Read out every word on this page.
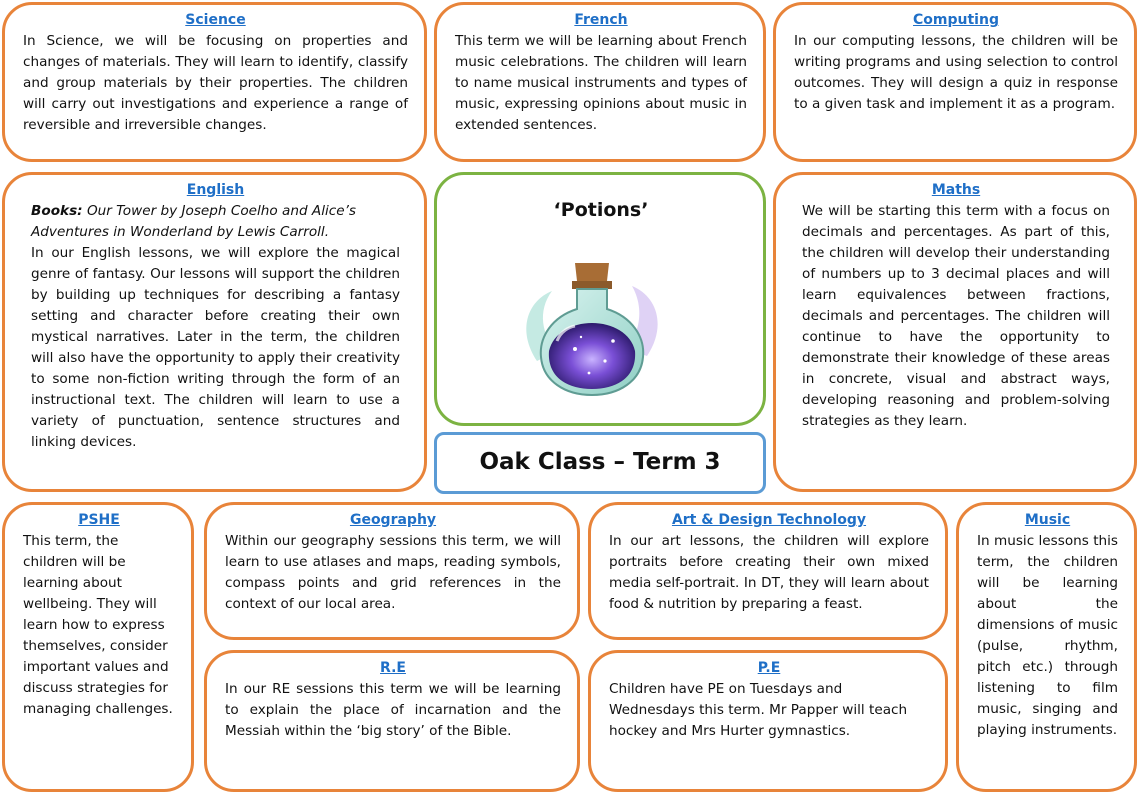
Science

In Science, we will be focusing on properties and changes of materials. They will learn to identify, classify and group materials by their properties. The children will carry out investigations and experience a range of reversible and irreversible changes.

French

This term we will be learning about French music celebrations. The children will learn to name musical instruments and types of music, expressing opinions about music in extended sentences.

Computing

In our computing lessons, the children will be writing programs and using selection to control outcomes. They will design a quiz in response to a given task and implement it as a program.

English

Books: Our Tower by Joseph Coelho and Alice’s Adventures in Wonderland by Lewis Carroll.

In our English lessons, we will explore the magical genre of fantasy. Our lessons will support the children by building up techniques for describing a fantasy setting and character before creating their own mystical narratives. Later in the term, the children will also have the opportunity to apply their creativity to some non-fiction writing through the form of an instructional text. The children will learn to use a variety of punctuation, sentence structures and linking devices.

‘Potions’
Oak Class – Term 3
Maths

We will be starting this term with a focus on decimals and percentages. As part of this, the children will develop their understanding of numbers up to 3 decimal places and will learn equivalences between fractions, decimals and percentages. The children will continue to have the opportunity to demonstrate their knowledge of these areas in concrete, visual and abstract ways, developing reasoning and problem-solving strategies as they learn.

PSHE

This term, the children will be learning about wellbeing. They will learn how to express themselves, consider important values and discuss strategies for managing challenges.

Geography

Within our geography sessions this term, we will learn to use atlases and maps, reading symbols, compass points and grid references in the context of our local area.

Art & Design Technology

In our art lessons, the children will explore portraits before creating their own mixed media self-portrait. In DT, they will learn about food & nutrition by preparing a feast.

Music

In music lessons this term, the children will be learning about the dimensions of music (pulse, rhythm, pitch etc.) through listening to film music, singing and playing instruments.

R.E

In our RE sessions this term we will be learning to explain the place of incarnation and the Messiah within the ‘big story’ of the Bible.

P.E

Children have PE on Tuesdays and Wednesdays this term. Mr Papper will teach hockey and Mrs Hurter gymnastics.
